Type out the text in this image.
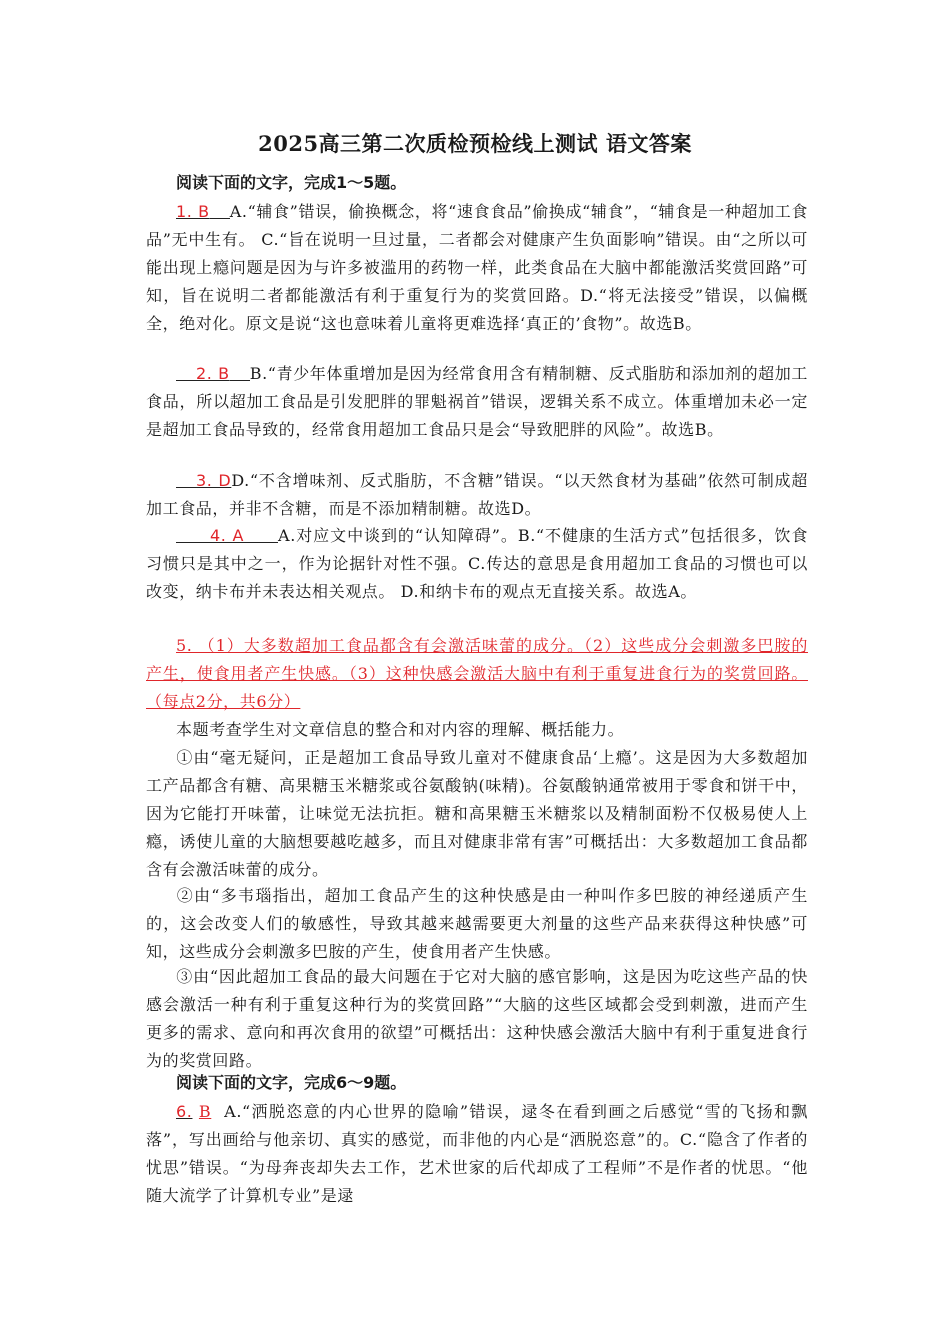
2025高三第二次质检预检线上测试 语文答案
阅读下面的文字，完成1～5题。
1. B A.“辅食”错误，偷换概念，将“速食食品”偷换成“辅食”，“辅食是一种超加工食品”无中生有。 C.“旨在说明一旦过量，二者都会对健康产生负面影响”错误。由“之所以可能出现上瘾问题是因为与许多被滥用的药物一样，此类食品在大脑中都能激活奖赏回路”可知，旨在说明二者都能激活有利于重复行为的奖赏回路。D.“将无法接受”错误，以偏概全，绝对化。原文是说“这也意味着儿童将更难选择‘真正的’食物”。故选B。
2. B B.“青少年体重增加是因为经常食用含有精制糖、反式脂肪和添加剂的超加工食品，所以超加工食品是引发肥胖的罪魁祸首”错误，逻辑关系不成立。体重增加未必一定是超加工食品导致的，经常食用超加工食品只是会“导致肥胖的风险”。故选B。
3. DD.“不含增味剂、反式脂肪，不含糖”错误。“以天然食材为基础”依然可制成超加工食品，并非不含糖，而是不添加精制糖。故选D。
4. A A.对应文中谈到的“认知障碍”。B.“不健康的生活方式”包括很多，饮食习惯只是其中之一，作为论据针对性不强。C.传达的意思是食用超加工食品的习惯也可以改变，纳卡布并未表达相关观点。 D.和纳卡布的观点无直接关系。故选A。
5. （1）大多数超加工食品都含有会激活味蕾的成分。（2）这些成分会刺激多巴胺的产生，使食用者产生快感。（3）这种快感会激活大脑中有利于重复进食行为的奖赏回路。（每点2分，共6分）
本题考查学生对文章信息的整合和对内容的理解、概括能力。
①由“毫无疑问，正是超加工食品导致儿童对不健康食品‘上瘾’。这是因为大多数超加工产品都含有糖、高果糖玉米糖浆或谷氨酸钠(味精)。谷氨酸钠通常被用于零食和饼干中，因为它能打开味蕾，让味觉无法抗拒。糖和高果糖玉米糖浆以及精制面粉不仅极易使人上瘾，诱使儿童的大脑想要越吃越多，而且对健康非常有害”可概括出：大多数超加工食品都含有会激活味蕾的成分。
②由“多韦瑙指出，超加工食品产生的这种快感是由一种叫作多巴胺的神经递质产生的，这会改变人们的敏感性，导致其越来越需要更大剂量的这些产品来获得这种快感”可知，这些成分会刺激多巴胺的产生，使食用者产生快感。
③由“因此超加工食品的最大问题在于它对大脑的感官影响，这是因为吃这些产品的快感会激活一种有利于重复这种行为的奖赏回路”“大脑的这些区域都会受到刺激，进而产生更多的需求、意向和再次食用的欲望”可概括出：这种快感会激活大脑中有利于重复进食行为的奖赏回路。
阅读下面的文字，完成6～9题。
6. B A.“洒脱恣意的内心世界的隐喻”错误，逯冬在看到画之后感觉“雪的飞扬和飘落”，写出画给与他亲切、真实的感觉，而非他的内心是“洒脱恣意”的。C.“隐含了作者的忧思”错误。“为母奔丧却失去工作，艺术世家的后代却成了工程师”不是作者的忧思。“他随大流学了计算机专业”是逯
